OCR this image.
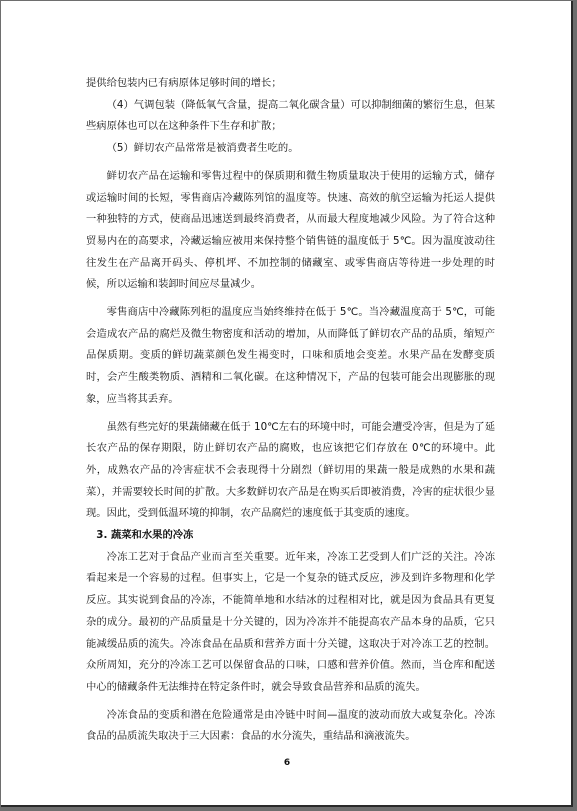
提供给包装内已有病原体足够时间的增长；

（4）气调包装（降低氧气含量，提高二氧化碳含量）可以抑制细菌的繁衍生息，但某些病原体也可以在这种条件下生存和扩散；

（5）鲜切农产品常常是被消费者生吃的。

鲜切农产品在运输和零售过程中的保质期和微生物质量取决于使用的运输方式，储存或运输时间的长短，零售商店冷藏陈列馆的温度等。快速、高效的航空运输为托运人提供一种独特的方式，使商品迅速送到最终消费者，从而最大程度地减少风险。为了符合这种贸易内在的高要求，冷藏运输应被用来保持整个销售链的温度低于 5℃。因为温度波动往往发生在产品离开码头、停机坪、不加控制的储藏室、或零售商店等待进一步处理的时候，所以运输和装卸时间应尽量减少。

零售商店中冷藏陈列柜的温度应当始终维持在低于 5℃。当冷藏温度高于 5℃，可能会造成农产品的腐烂及微生物密度和活动的增加，从而降低了鲜切农产品的品质，缩短产品保质期。变质的鲜切蔬菜颜色发生褐变时，口味和质地会变差。水果产品在发酵变质时，会产生酸类物质、酒精和二氧化碳。在这种情况下，产品的包装可能会出现膨胀的现象，应当将其丢弃。

虽然有些完好的果蔬储藏在低于 10℃左右的环境中时，可能会遭受冷害，但是为了延长农产品的保存期限，防止鲜切农产品的腐败，也应该把它们存放在 0℃的环境中。此外，成熟农产品的冷害症状不会表现得十分剧烈（鲜切用的果蔬一般是成熟的水果和蔬菜），并需要较长时间的扩散。大多数鲜切农产品是在购买后即被消费，冷害的症状很少显现。因此，受到低温环境的抑制，农产品腐烂的速度低于其变质的速度。

3. 蔬菜和水果的冷冻

冷冻工艺对于食品产业而言至关重要。近年来，冷冻工艺受到人们广泛的关注。冷冻看起来是一个容易的过程。但事实上，它是一个复杂的链式反应，涉及到许多物理和化学反应。其实说到食品的冷冻，不能简单地和水结冰的过程相对比，就是因为食品具有更复杂的成分。最初的产品质量是十分关键的，因为冷冻并不能提高农产品本身的品质，它只能减缓品质的流失。冷冻食品在品质和营养方面十分关键，这取决于对冷冻工艺的控制。众所周知，充分的冷冻工艺可以保留食品的口味，口感和营养价值。然而，当仓库和配送中心的储藏条件无法维持在特定条件时，就会导致食品营养和品质的流失。

冷冻食品的变质和潜在危险通常是由冷链中时间—温度的波动而放大或复杂化。冷冻食品的品质流失取决于三大因素：食品的水分流失，重结晶和滴液流失。

6
